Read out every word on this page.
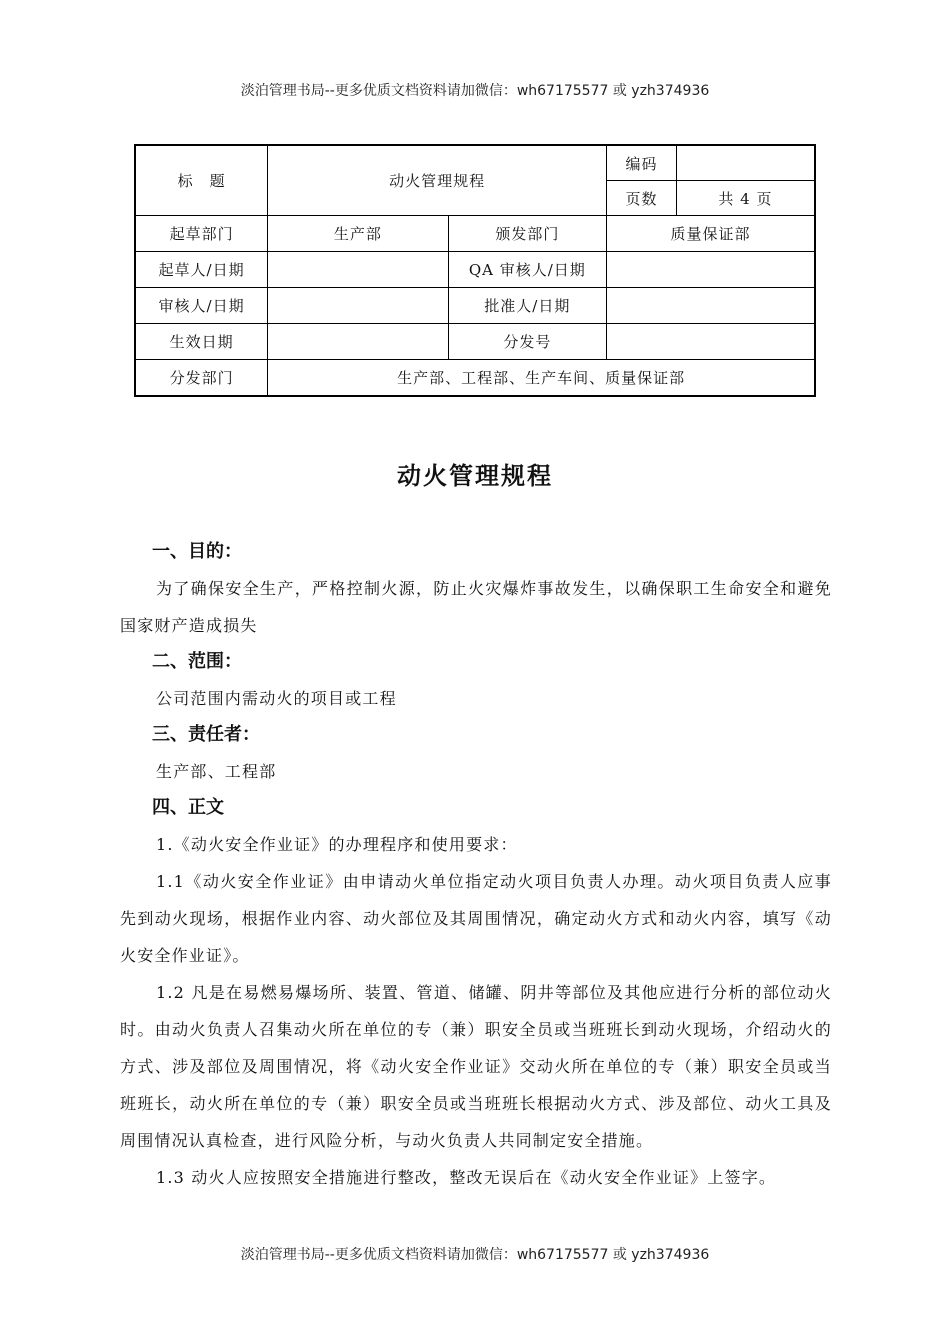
淡泊管理书局--更多优质文档资料请加微信：wh67175577 或 yzh374936
标　题	动火管理规程		编码	
			页数	共 4 页
起草部门	生产部	颁发部门	质量保证部	
起草人/日期		QA 审核人/日期		
审核人/日期		批准人/日期		
生效日期		分发号		
分发部门	生产部、工程部、生产车间、质量保证部			
动火管理规程
一、目的：
为了确保安全生产，严格控制火源，防止火灾爆炸事故发生，以确保职工生命安全和避免国家财产造成损失
二、范围：
公司范围内需动火的项目或工程
三、责任者：
生产部、工程部
四、正文
1.《动火安全作业证》的办理程序和使用要求：
1.1《动火安全作业证》由申请动火单位指定动火项目负责人办理。动火项目负责人应事先到动火现场，根据作业内容、动火部位及其周围情况，确定动火方式和动火内容，填写《动火安全作业证》。
1.2 凡是在易燃易爆场所、装置、管道、储罐、阴井等部位及其他应进行分析的部位动火时。由动火负责人召集动火所在单位的专（兼）职安全员或当班班长到动火现场，介绍动火的方式、涉及部位及周围情况，将《动火安全作业证》交动火所在单位的专（兼）职安全员或当班班长，动火所在单位的专（兼）职安全员或当班班长根据动火方式、涉及部位、动火工具及周围情况认真检查，进行风险分析，与动火负责人共同制定安全措施。
1.3 动火人应按照安全措施进行整改，整改无误后在《动火安全作业证》上签字。
淡泊管理书局--更多优质文档资料请加微信：wh67175577 或 yzh374936
